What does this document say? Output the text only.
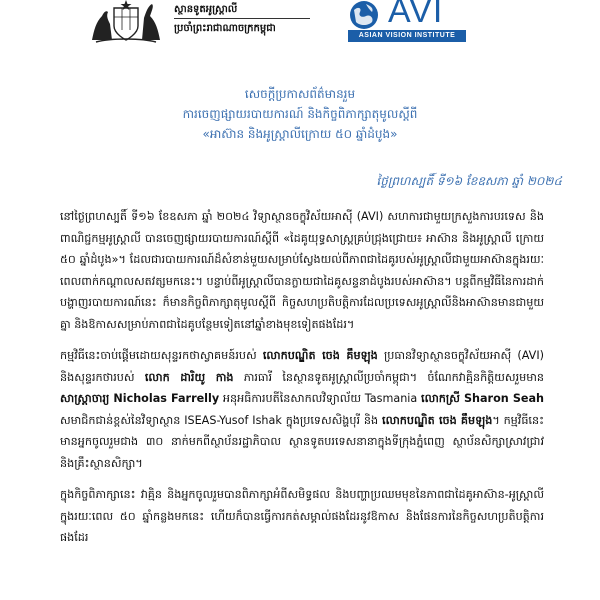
ស្ថានទូតអូស្ត្រាលី
ប្រចាំព្រះរាជាណាចក្រកម្ពុជា	AVI
ASIAN VISION INSTITUTE
សេចក្តីប្រកាសព័ត៌មានរួម
ការចេញផ្សាយរបាយការណ៍ និងកិច្ចពិភាក្សាតុមូលស្តីពី
«អាស៊ាន និងអូស្ត្រាលីក្រោយ ៥០ ឆ្នាំដំបូង»
ថ្ងៃព្រហស្បតិ៍ ទី១៦ ខែឧសភា ឆ្នាំ ២០២៤

នៅថ្ងៃព្រហស្បតិ៍ ទី១៦ ខែឧសភា ឆ្នាំ ២០២៤ វិទ្យាស្ថានចក្ខុវិស័យអាស៊ី (AVI) សហការជាមួយក្រសួងការបរទេស និងពាណិជ្ជកម្មអូស្ត្រាលី បានចេញផ្សាយរបាយការណ៍ស្តីពី «ដៃគូយុទ្ធសាស្ត្រគ្រប់ជ្រុងជ្រោយ៖ អាស៊ាន និងអូស្ត្រាលី ក្រោយ ៥០ ឆ្នាំដំបូង»។ ដែលជារបាយការណ៍ដ៏សំខាន់មួយសម្រាប់ស្វែងយល់ពីភាពជាដៃគូរបស់អូស្ត្រាលីជាមួយអាស៊ានក្នុងរយៈពេលពាក់កណ្តាលសតវត្សមកនេះ។ បន្ទាប់ពីអូស្ត្រាលីបានក្លាយជាដៃគូសន្ទនាដំបូងរបស់អាស៊ាន។ បន្តពីកម្មវិធីនៃការដាក់បង្ហាញរបាយការណ៍នេះ ក៏មានកិច្ចពិភាក្សាតុមូលស្តីពី កិច្ចសហប្រតិបត្តិការដែលប្រទេសអូស្ត្រាលីនិងអាស៊ានមានជាមួយគ្នា និងឱកាសសម្រាប់ភាពជាដៃគូបន្ថែមទៀតនៅឆ្នាំខាងមុខទៀតផងដែរ។

កម្មវិធីនេះចាប់ផ្តើមដោយសុន្ទរកថាស្វាគមន៍របស់ លោកបណ្ឌិត ចេង គឹមឡុង ប្រធានវិទ្យាស្ថានចក្ខុវិស័យអាស៊ី (AVI) និងសុន្ទរកថារបស់ លោក ដារិយូ កាង ភារធារី នៃស្ថានទូតអូស្ត្រាលីប្រចាំកម្ពុជា។ ចំណែកវាគ្មិនកិត្តិយសរួមមាន សាស្ត្រាចារ្យ Nicholas Farrelly អនុអធិការបតីនៃសាកលវិទ្យាល័យ Tasmania លោកស្រី Sharon Seah សមាជិកជាន់ខ្ពស់នៃវិទ្យាស្ថាន ISEAS-Yusof Ishak ក្នុងប្រទេសសិង្ហបុរី និង លោកបណ្ឌិត ចេង គឹមឡុង។ កម្មវិធីនេះមានអ្នកចូលរួមជាង ៣០ នាក់មកពីស្ថាប័នរដ្ឋាភិបាល ស្ថានទូតបរទេសនានាក្នុងទីក្រុងភ្នំពេញ ស្ថាប័នសិក្សាស្រាវជ្រាវ និងគ្រឹះស្ថានសិក្សា។

ក្នុងកិច្ចពិភាក្សានេះ វាគ្មិន និងអ្នកចូលរួមបានពិភាក្សាអំពីសមិទ្ធផល និងបញ្ហាប្រឈមមុខនៃភាពជាដៃគូអាស៊ាន-អូស្ត្រាលី ក្នុងរយៈពេល ៥០ ឆ្នាំកន្លងមកនេះ ហើយក៏បានធ្វើការកត់សម្គាល់ផងដែរនូវឱកាស និងផែនការនៃកិច្ចសហប្រតិបត្តិការផងដែរ
